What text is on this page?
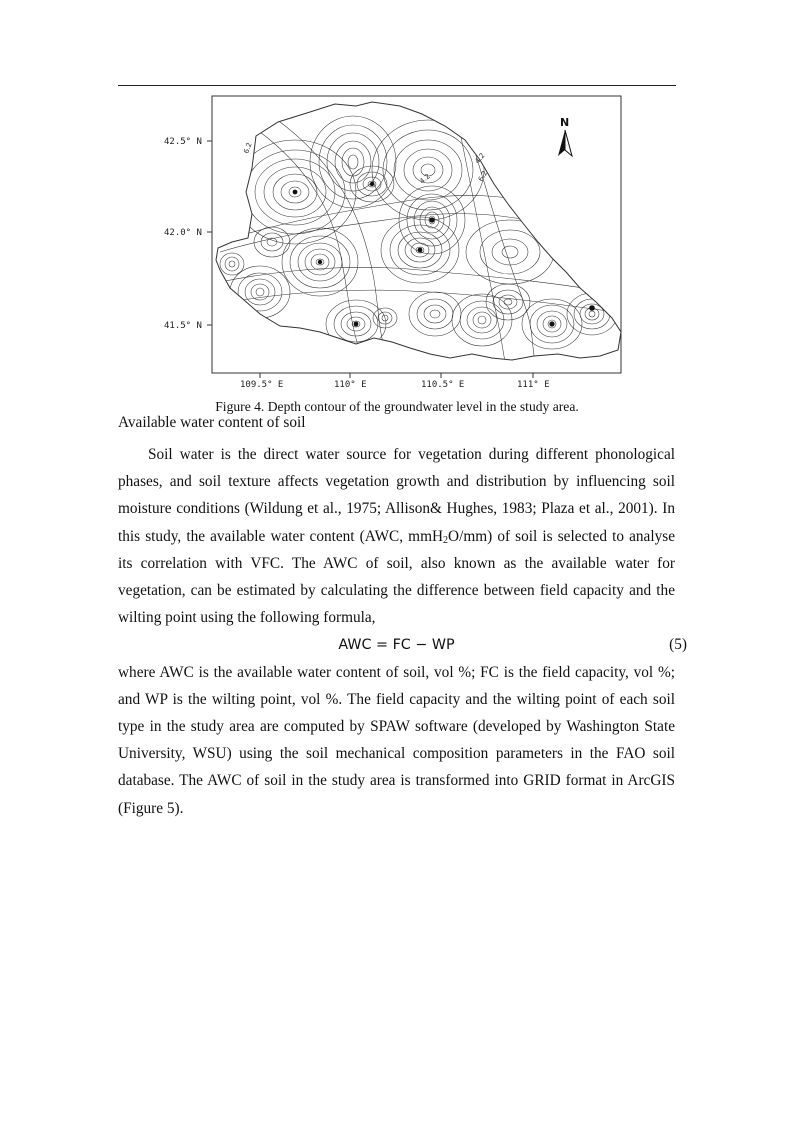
42.5° N
42.0° N
41.5° N
109.5° E	110° E	110.5° E	111° E
6.2
4.2
4.2	6.2
N
Figure 4. Depth contour of the groundwater level in the study area.
Available water content of soil

Soil water is the direct water source for vegetation during different phonological phases, and soil texture affects vegetation growth and distribution by influencing soil moisture conditions (Wildung et al., 1975; Allison& Hughes, 1983; Plaza et al., 2001). In this study, the available water content (AWC, mmH$_2$O/mm) of soil is selected to analyse its correlation with VFC. The AWC of soil, also known as the available water for vegetation, can be estimated by calculating the difference between field capacity and the wilting point using the following formula,

AWC = FC − WP	(5)

where AWC is the available water content of soil, vol %; FC is the field capacity, vol %; and WP is the wilting point, vol %. The field capacity and the wilting point of each soil type in the study area are computed by SPAW software (developed by Washington State University, WSU) using the soil mechanical composition parameters in the FAO soil database. The AWC of soil in the study area is transformed into GRID format in ArcGIS (Figure 5).
